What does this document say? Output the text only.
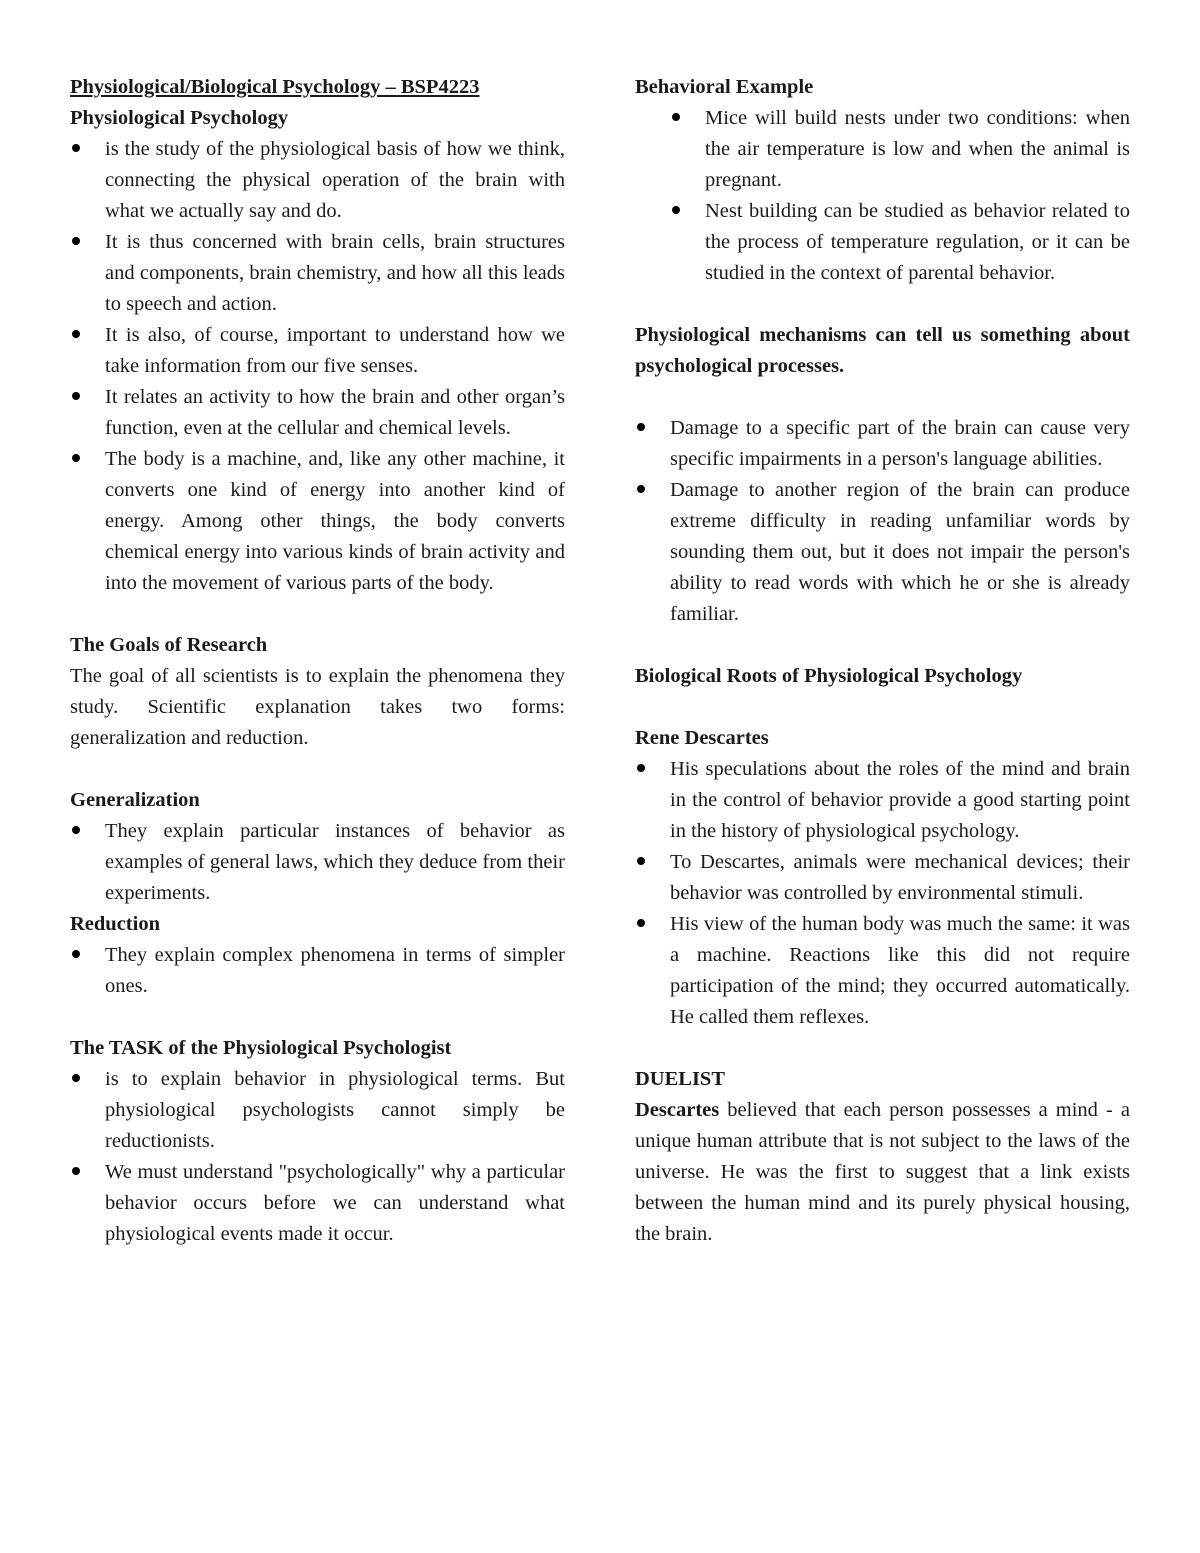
Physiological/Biological Psychology – BSP4223

Physiological Psychology

is the study of the physiological basis of how we think, connecting the physical operation of the brain with what we actually say and do.
It is thus concerned with brain cells, brain structures and components, brain chemistry, and how all this leads to speech and action.
It is also, of course, important to understand how we take information from our five senses.
It relates an activity to how the brain and other organ’s function, even at the cellular and chemical levels.
The body is a machine, and, like any other machine, it converts one kind of energy into another kind of energy. Among other things, the body converts chemical energy into various kinds of brain activity and into the movement of various parts of the body.

The Goals of Research

The goal of all scientists is to explain the phenomena they study. Scientific explanation takes two forms: generalization and reduction.

Generalization

They explain particular instances of behavior as examples of general laws, which they deduce from their experiments.

Reduction

They explain complex phenomena in terms of simpler ones.

The TASK of the Physiological Psychologist

is to explain behavior in physiological terms. But physiological psychologists cannot simply be reductionists.
We must understand "psychologically" why a particular behavior occurs before we can understand what physiological events made it occur.

Behavioral Example

Mice will build nests under two conditions: when the air temperature is low and when the animal is pregnant.
Nest building can be studied as behavior related to the process of temperature regulation, or it can be studied in the context of parental behavior.

Physiological mechanisms can tell us something about psychological processes.

Damage to a specific part of the brain can cause very specific impairments in a person's language abilities.
Damage to another region of the brain can produce extreme difficulty in reading unfamiliar words by sounding them out, but it does not impair the person's ability to read words with which he or she is already familiar.

Biological Roots of Physiological Psychology

Rene Descartes

His speculations about the roles of the mind and brain in the control of behavior provide a good starting point in the history of physiological psychology.
To Descartes, animals were mechanical devices; their behavior was controlled by environmental stimuli.
His view of the human body was much the same: it was a machine. Reactions like this did not require participation of the mind; they occurred automatically. He called them reflexes.

DUELIST

Descartes believed that each person possesses a mind - a unique human attribute that is not subject to the laws of the universe. He was the first to suggest that a link exists between the human mind and its purely physical housing, the brain.
